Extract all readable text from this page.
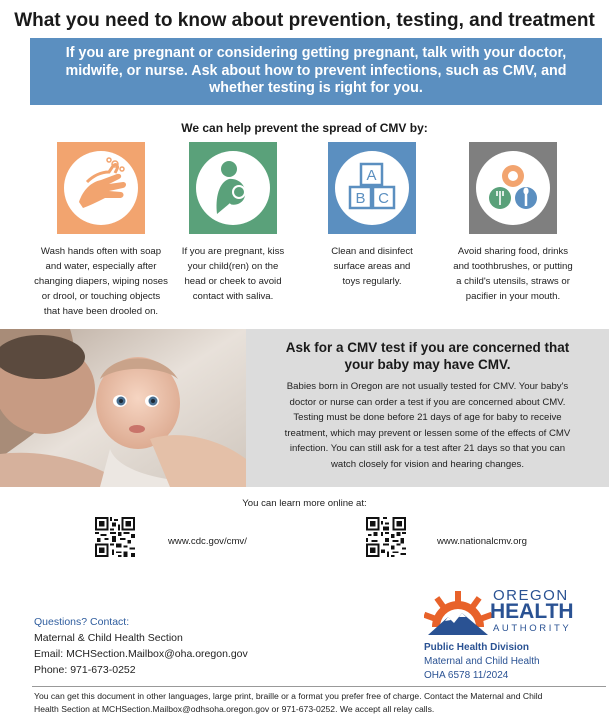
What you need to know about prevention, testing, and treatment
If you are pregnant or considering getting pregnant, talk with your doctor,
midwife, or nurse. Ask about how to prevent infections, such as CMV, and
whether testing is right for you.
We can help prevent the spread of CMV by:
Wash hands often with soap
and water, especially after
changing diapers, wiping noses
or drool, or touching objects
that have been drooled on.
If you are pregnant, kiss
your child(ren) on the
head or cheek to avoid
contact with saliva.
A
B C
Clean and disinfect
surface areas and
toys regularly.
Avoid sharing food, drinks
and toothbrushes, or putting
a child's utensils, straws or
pacifier in your mouth.
Ask for a CMV test if you are concerned that
your baby may have CMV.
Babies born in Oregon are not usually tested for CMV. Your baby's
doctor or nurse can order a test if you are concerned about CMV.
Testing must be done before 21 days of age for baby to receive
treatment, which may prevent or lessen some of the effects of CMV
infection. You can still ask for a test after 21 days so that you can
watch closely for vision and hearing changes.
You can learn more online at:
www.cdc.gov/cmv/	www.nationalcmv.org
Questions? Contact:
Maternal & Child Health Section
Email: MCHSection.Mailbox@oha.oregon.gov
Phone: 971-673-0252
OREGON
HEALTH
AUTHORITY
Public Health Division
Maternal and Child Health
OHA 6578 11/2024
You can get this document in other languages, large print, braille or a format you prefer free of charge. Contact the Maternal and Child
Health Section at MCHSection.Mailbox@odhsoha.oregon.gov or 971-673-0252. We accept all relay calls.
